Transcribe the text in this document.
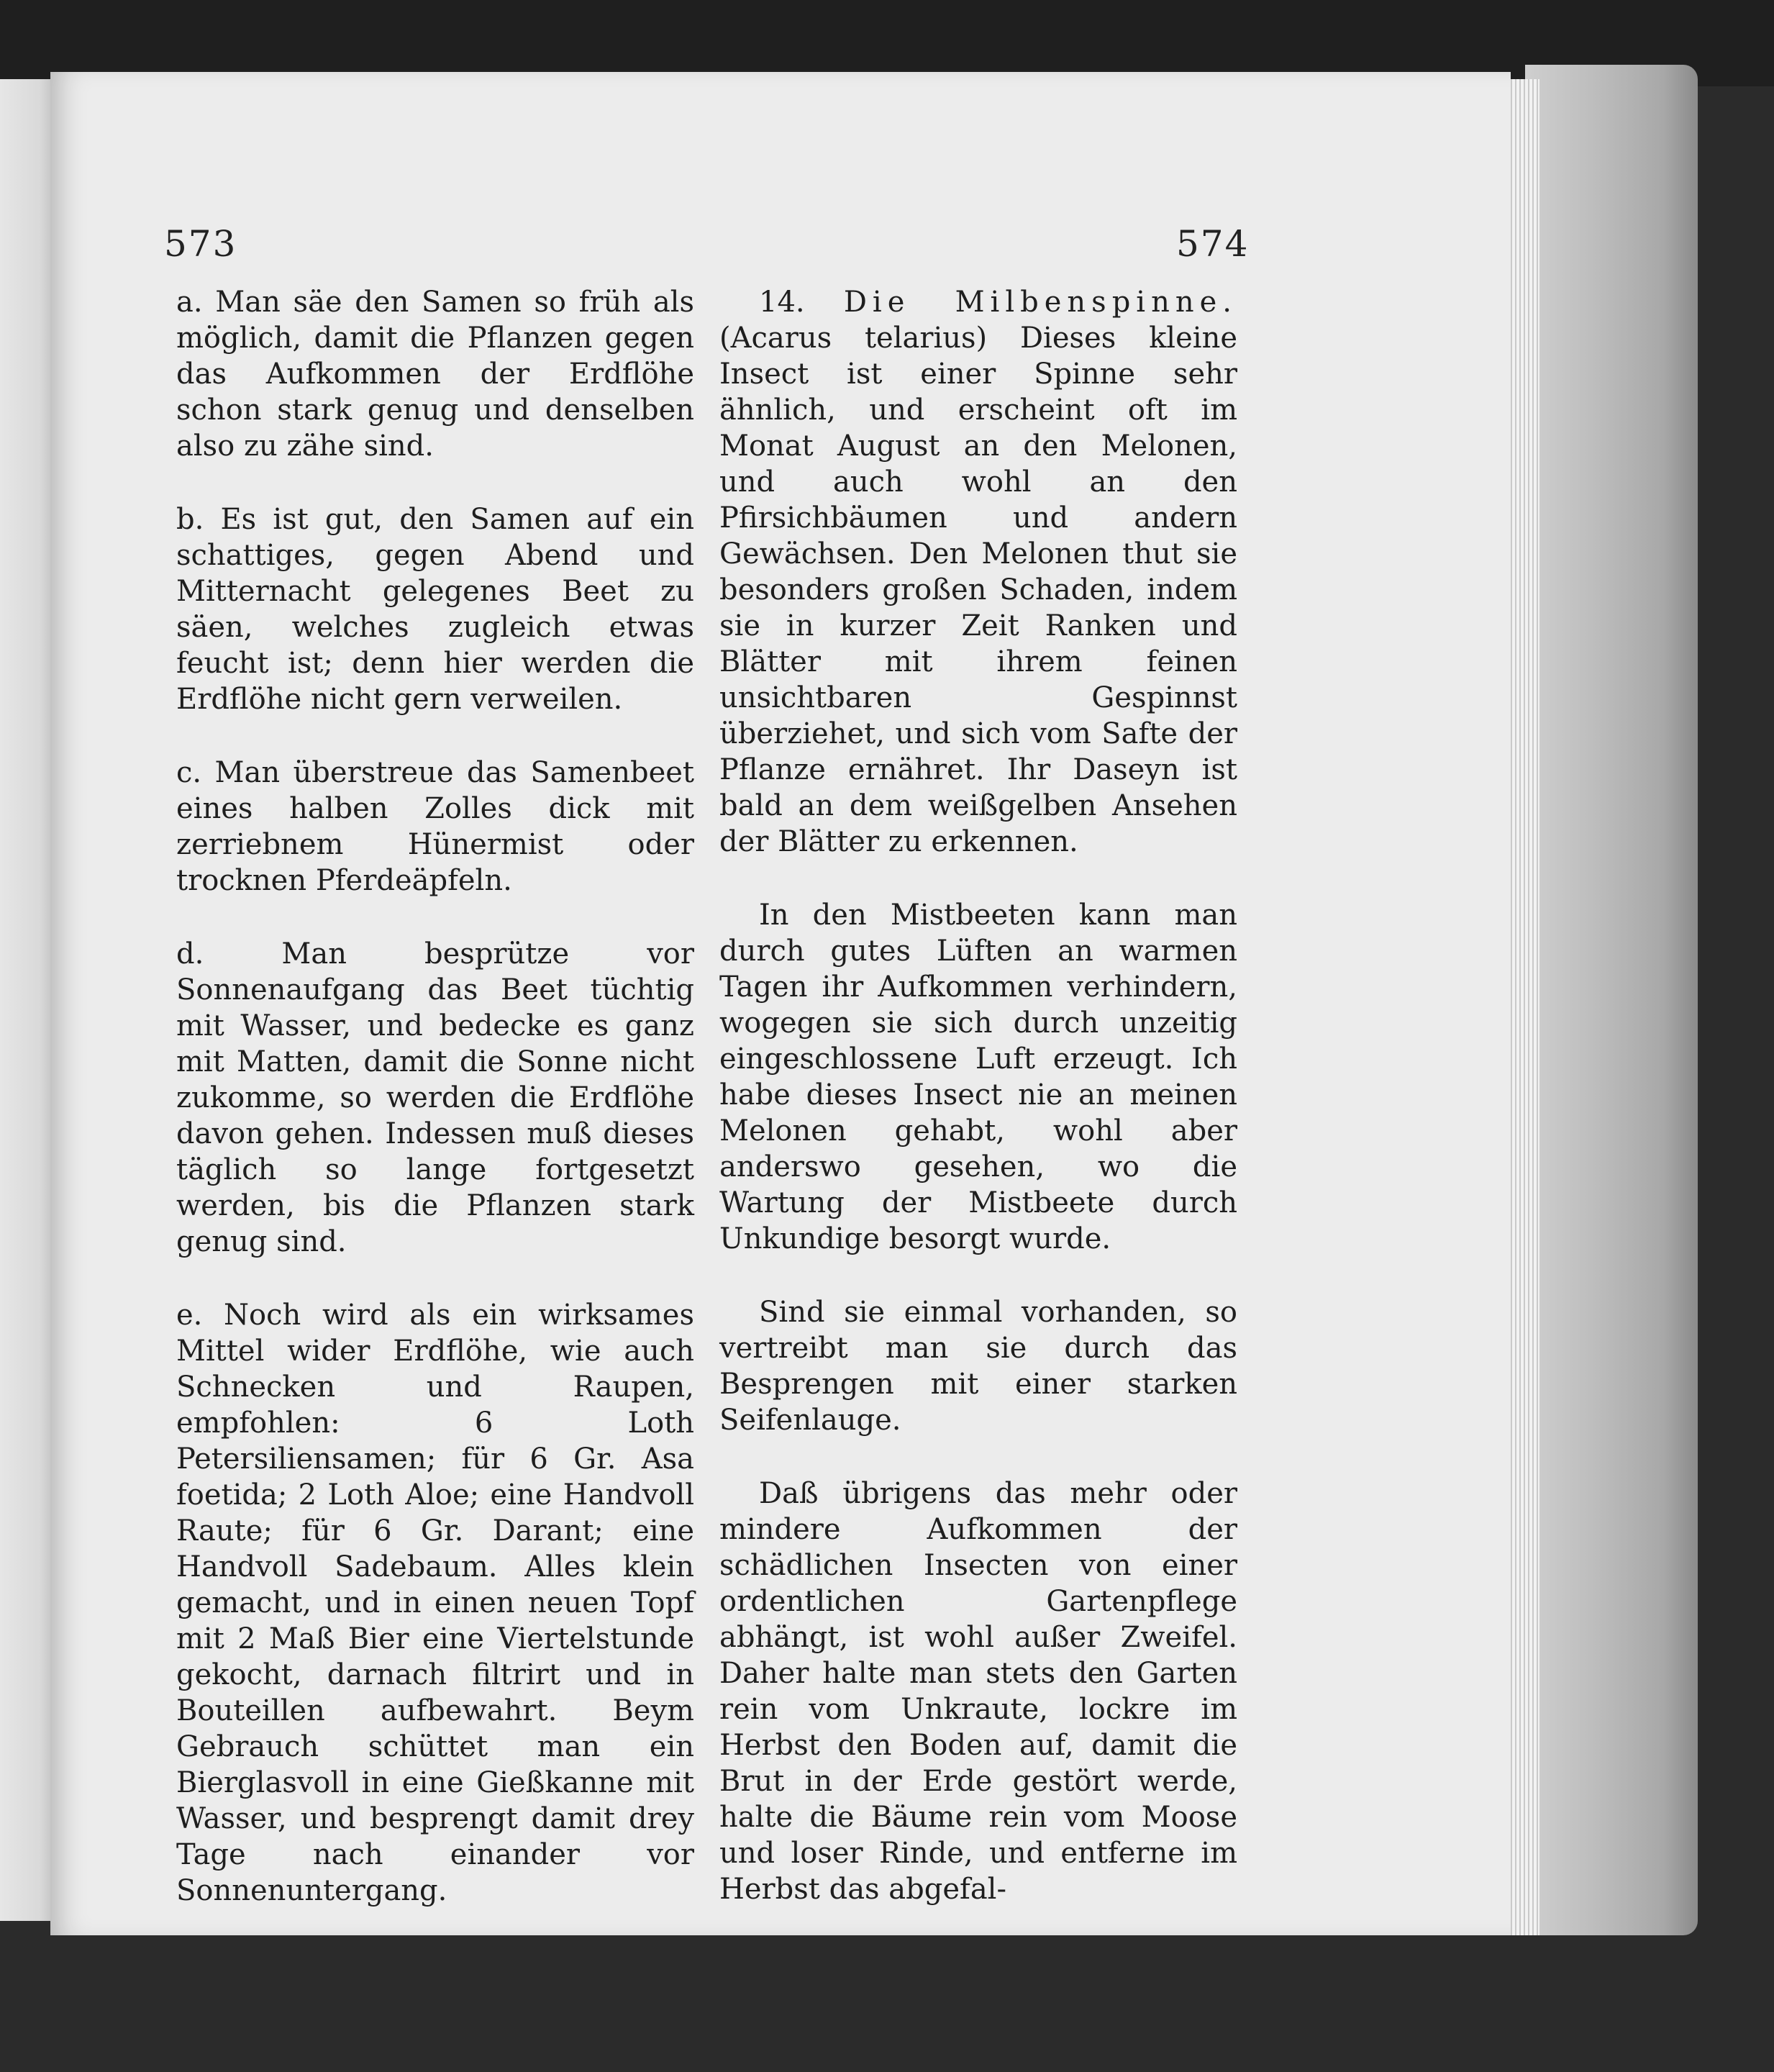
573	574

a. Man säe den Samen so früh als möglich, damit die Pflanzen gegen das Aufkommen der Erdflöhe schon stark genug und denselben also zu zähe sind.

b. Es ist gut, den Samen auf ein schattiges, gegen Abend und Mitternacht gelegenes Beet zu säen, welches zugleich etwas feucht ist; denn hier werden die Erdflöhe nicht gern verweilen.

c. Man überstreue das Samenbeet eines halben Zolles dick mit zerriebnem Hünermist oder trocknen Pferdeäpfeln.

d. Man besprütze vor Sonnenaufgang das Beet tüchtig mit Wasser, und bedecke es ganz mit Matten, damit die Sonne nicht zukomme, so werden die Erdflöhe davon gehen. Indessen muß dieses täglich so lange fortgesetzt werden, bis die Pflanzen stark genug sind.

e. Noch wird als ein wirksames Mittel wider Erdflöhe, wie auch Schnecken und Raupen, empfohlen: 6 Loth Petersiliensamen; für 6 Gr. Asa foetida; 2 Loth Aloe; eine Handvoll Raute; für 6 Gr. Darant; eine Handvoll Sadebaum. Alles klein gemacht, und in einen neuen Topf mit 2 Maß Bier eine Viertelstunde gekocht, darnach filtrirt und in Bouteillen aufbewahrt. Beym Gebrauch schüttet man ein Bierglasvoll in eine Gießkanne mit Wasser, und besprengt damit drey Tage nach einander vor Sonnenuntergang.

14. Die Milbenspinne. (Acarus telarius) Dieses kleine Insect ist einer Spinne sehr ähnlich, und erscheint oft im Monat August an den Melonen, und auch wohl an den Pfirsichbäumen und andern Gewächsen. Den Melonen thut sie besonders großen Schaden, indem sie in kurzer Zeit Ranken und Blätter mit ihrem feinen unsichtbaren Gespinnst überziehet, und sich vom Safte der Pflanze ernähret. Ihr Daseyn ist bald an dem weißgelben Ansehen der Blätter zu erkennen.

In den Mistbeeten kann man durch gutes Lüften an warmen Tagen ihr Aufkommen verhindern, wogegen sie sich durch unzeitig eingeschlossene Luft erzeugt. Ich habe dieses Insect nie an meinen Melonen gehabt, wohl aber anderswo gesehen, wo die Wartung der Mistbeete durch Unkundige besorgt wurde.

Sind sie einmal vorhanden, so vertreibt man sie durch das Besprengen mit einer starken Seifenlauge.

Daß übrigens das mehr oder mindere Aufkommen der schädlichen Insecten von einer ordentlichen Gartenpflege abhängt, ist wohl außer Zweifel. Daher halte man stets den Garten rein vom Unkraute, lockre im Herbst den Boden auf, damit die Brut in der Erde gestört werde, halte die Bäume rein vom Moose und loser Rinde, und entferne im Herbst das abgefal-
